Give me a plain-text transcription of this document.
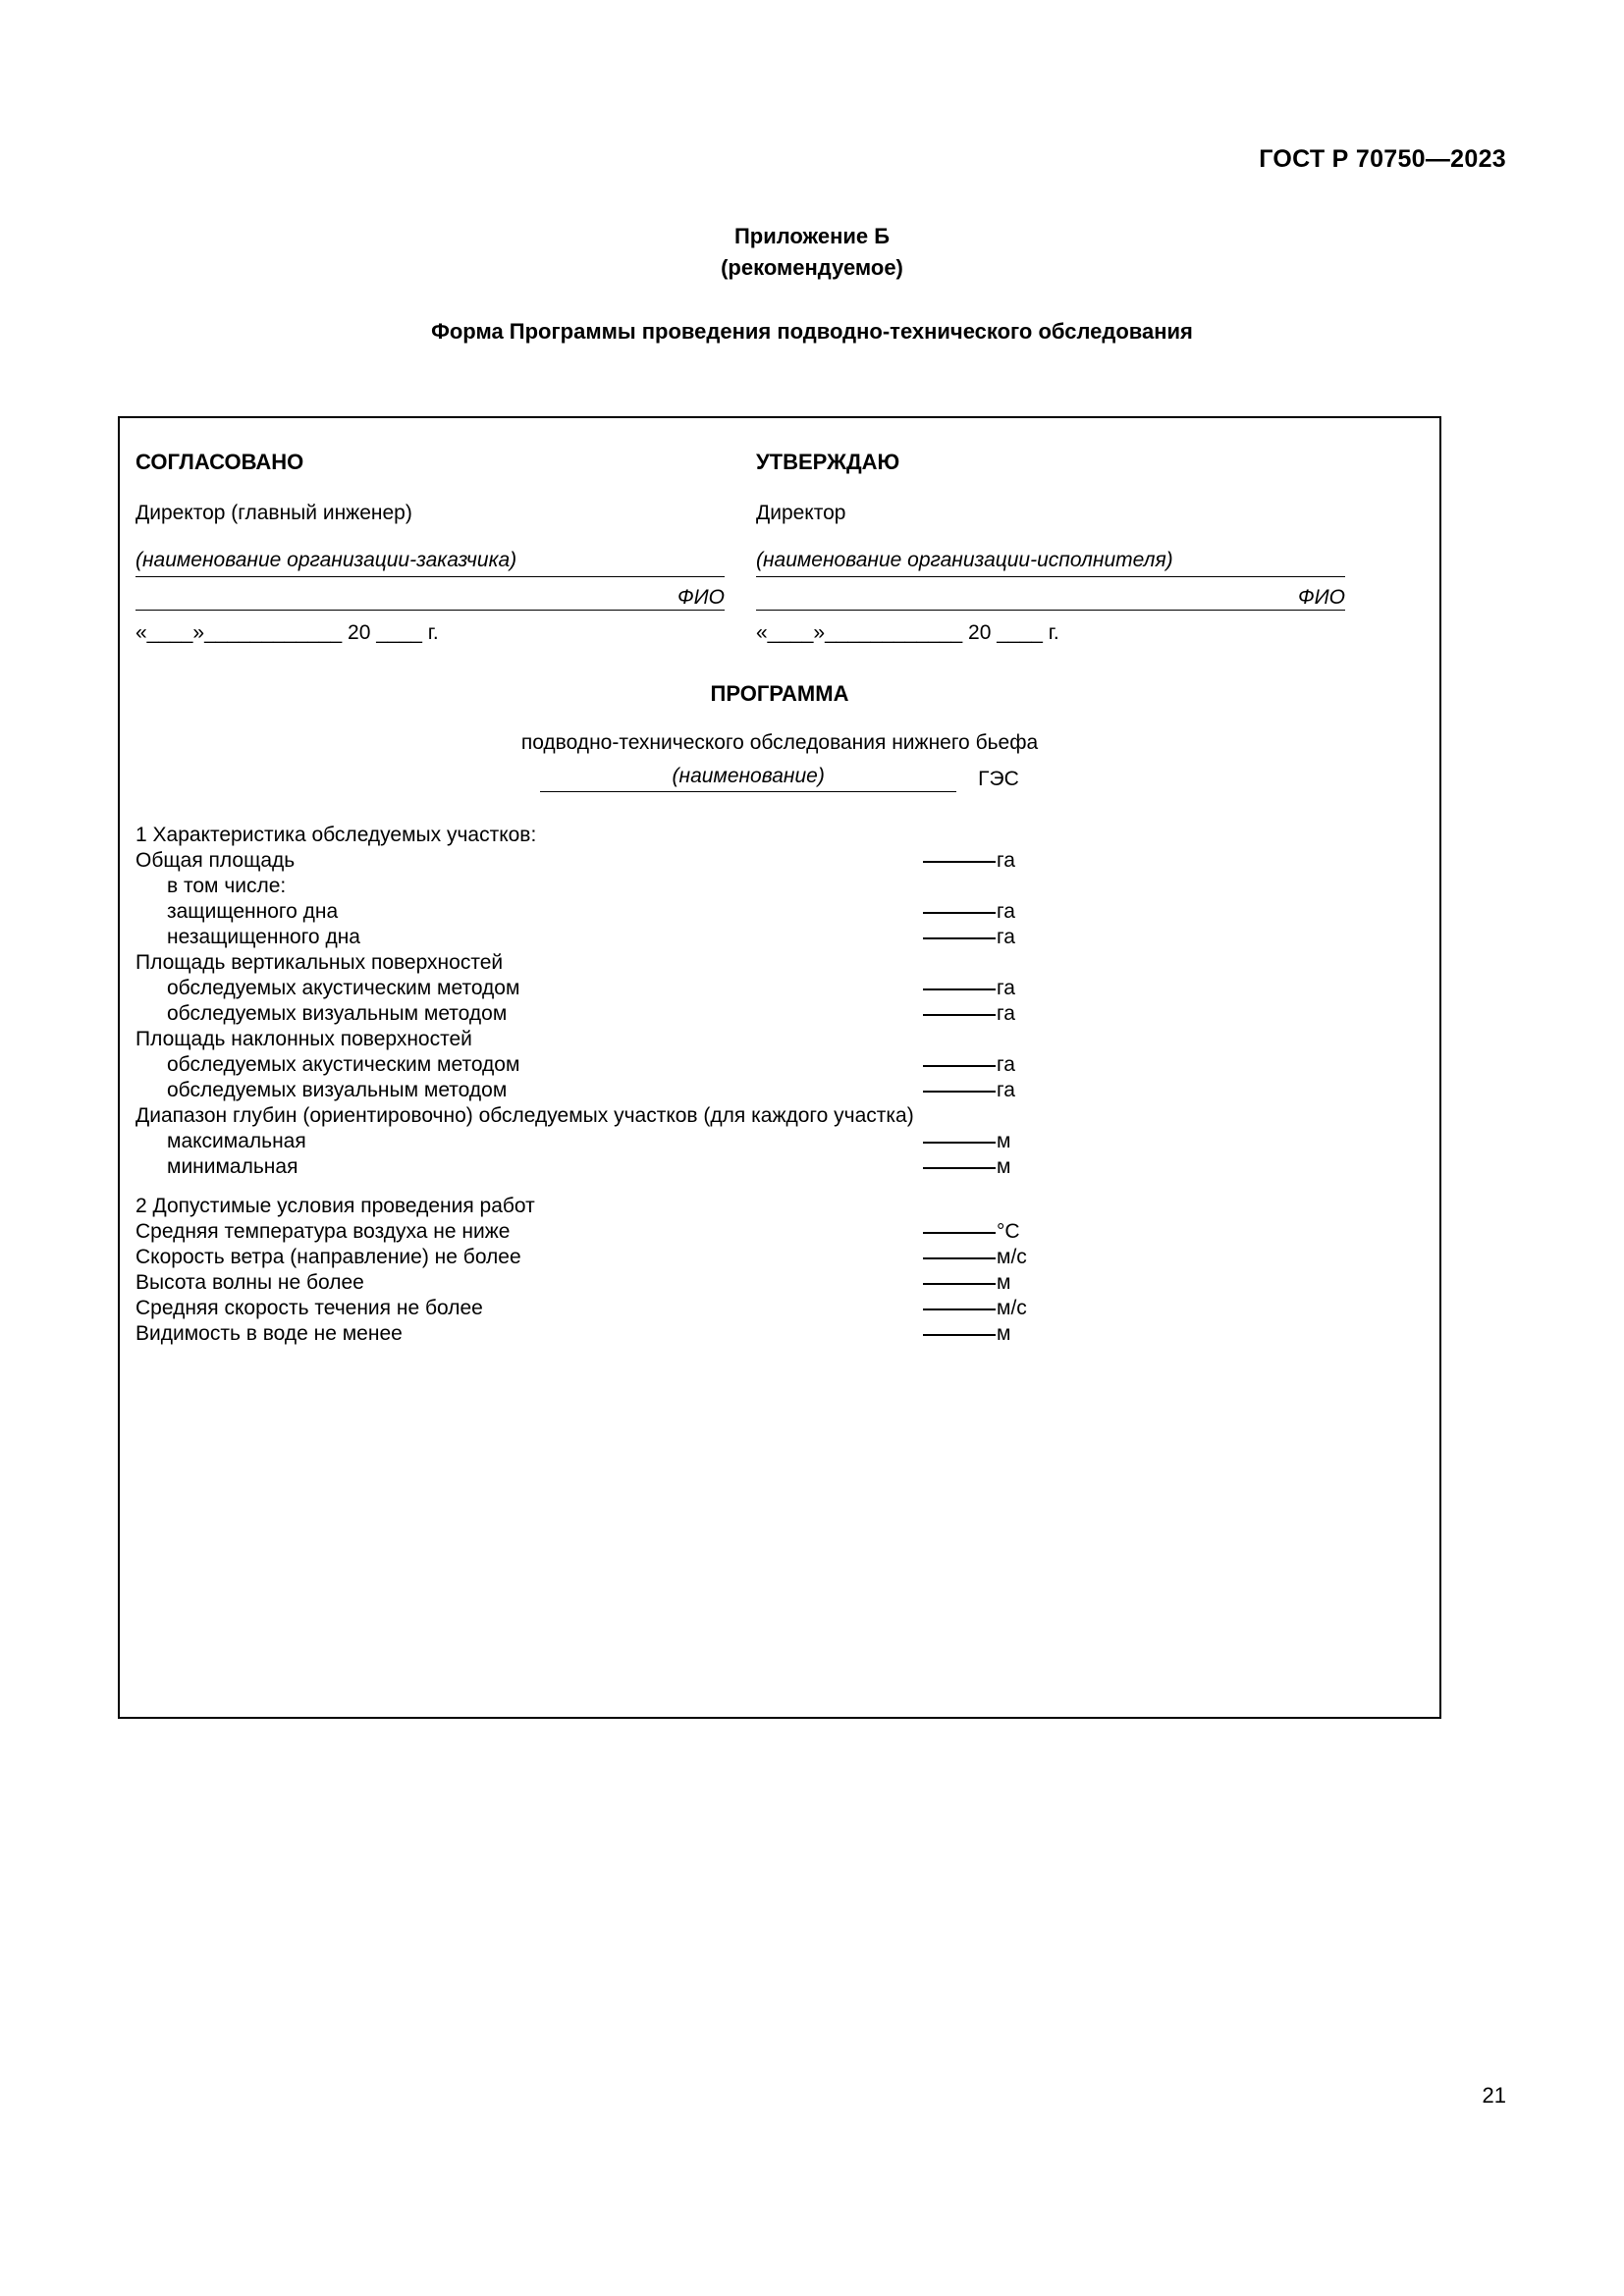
ГОСТ Р 70750—2023
Приложение Б
(рекомендуемое)
Форма Программы проведения подводно-технического обследования
СОГЛАСОВАНО
Директор (главный инженер)
(наименование организации-заказчика)
ФИО
«____»____________ 20 ____ г.
УТВЕРЖДАЮ
Директор
(наименование организации-исполнителя)
ФИО
«____»____________ 20 ____ г.
ПРОГРАММА
подводно-технического обследования нижнего бьефа
(наименование)	ГЭС
1 Характеристика обследуемых участков:
Общая площадь	га
в том числе:
защищенного дна	га
незащищенного дна	га
Площадь вертикальных поверхностей
обследуемых акустическим методом	га
обследуемых визуальным методом	га
Площадь наклонных поверхностей
обследуемых акустическим методом	га
обследуемых визуальным методом	га
Диапазон глубин (ориентировочно) обследуемых участков (для каждого участка)
максимальная	м
минимальная	м
2 Допустимые условия проведения работ
Средняя температура воздуха не ниже	°С
Скорость ветра (направление) не более	м/с
Высота волны не более	м
Средняя скорость течения не более	м/с
Видимость в воде не менее	м
21
